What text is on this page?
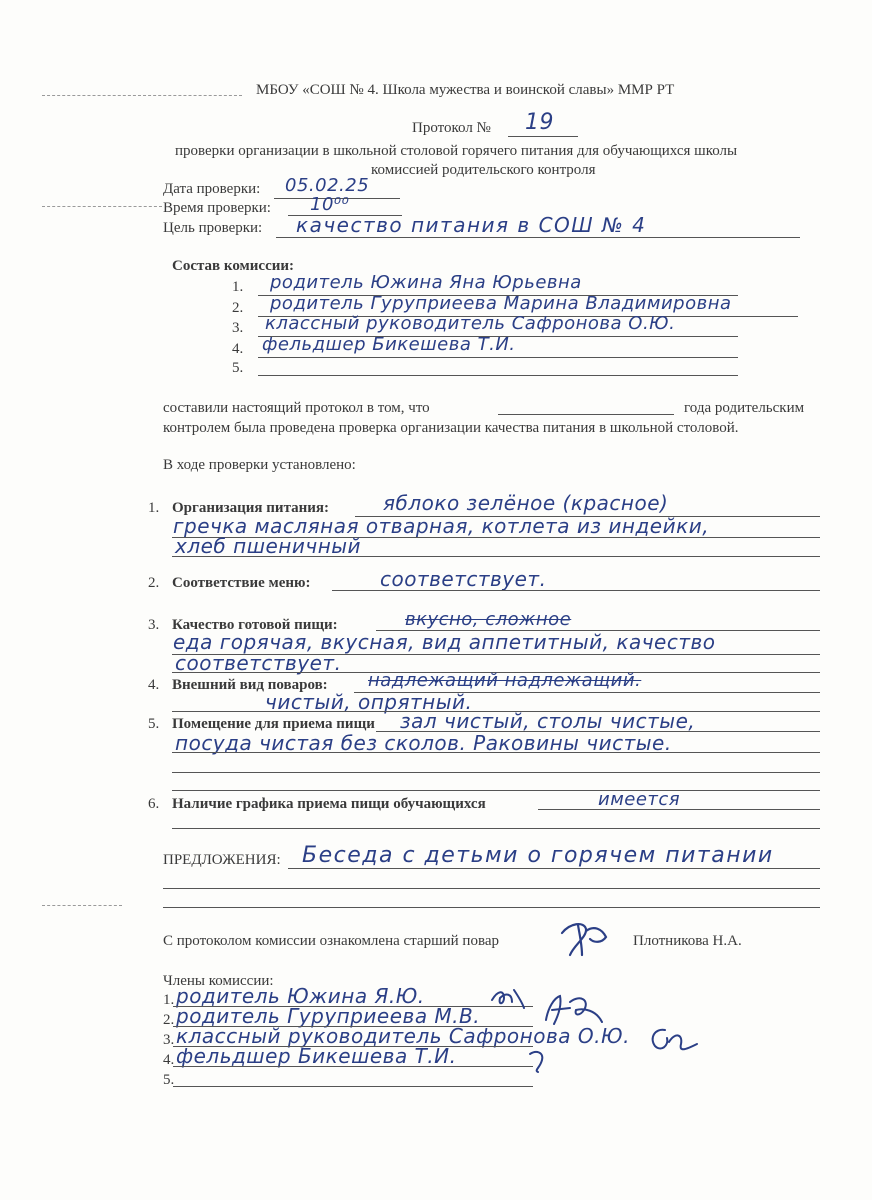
МБОУ «СОШ № 4. Школа мужества и воинской славы» ММР РТ
Протокол № 19
проверки организации в школьной столовой горячего питания для обучающихся школы
комиссией родительского контроля
Дата проверки: 05.02.25
Время проверки: 10⁰⁰
Цель проверки: качество питания в СОШ № 4
Состав комиссии:
1. родитель Южина Яна Юрьевна
2. родитель Гуруприеева Марина Владимировна
3. классный руководитель Сафронова О.Ю.
4. фельдшер Бикешева Т.И.
5.
составили настоящий протокол в том, что	года родительским
контролем была проведена проверка организации качества питания в школьной столовой.
В ходе проверки установлено:
1. Организация питания:	яблоко зелёное (красное)
гречка масляная отварная, котлета из индейки,
хлеб пшеничный
2. Соответствие меню:	соответствует.
3. Качество готовой пищи:	вкусно, сложное
еда горячая, вкусная, вид аппетитный, качество
соответствует.
4. Внешний вид поваров: надлежащий надлежащий.
чистый, опрятный.
5. Помещение для приема пищи зал чистый, столы чистые,
посуда чистая без сколов. Раковины чистые.
6. Наличие графика приема пищи обучающихся	имеется
ПРЕДЛОЖЕНИЯ: Беседа с детьми о горячем питании
С протоколом комиссии ознакомлена старший повар	Плотникова Н.А.
Члены комиссии:
1. родитель Южина Я.Ю.
2. родитель Гуруприеева М.В.
3. классный руководитель Сафронова О.Ю.
4. фельдшер Бикешева Т.И.
5.
